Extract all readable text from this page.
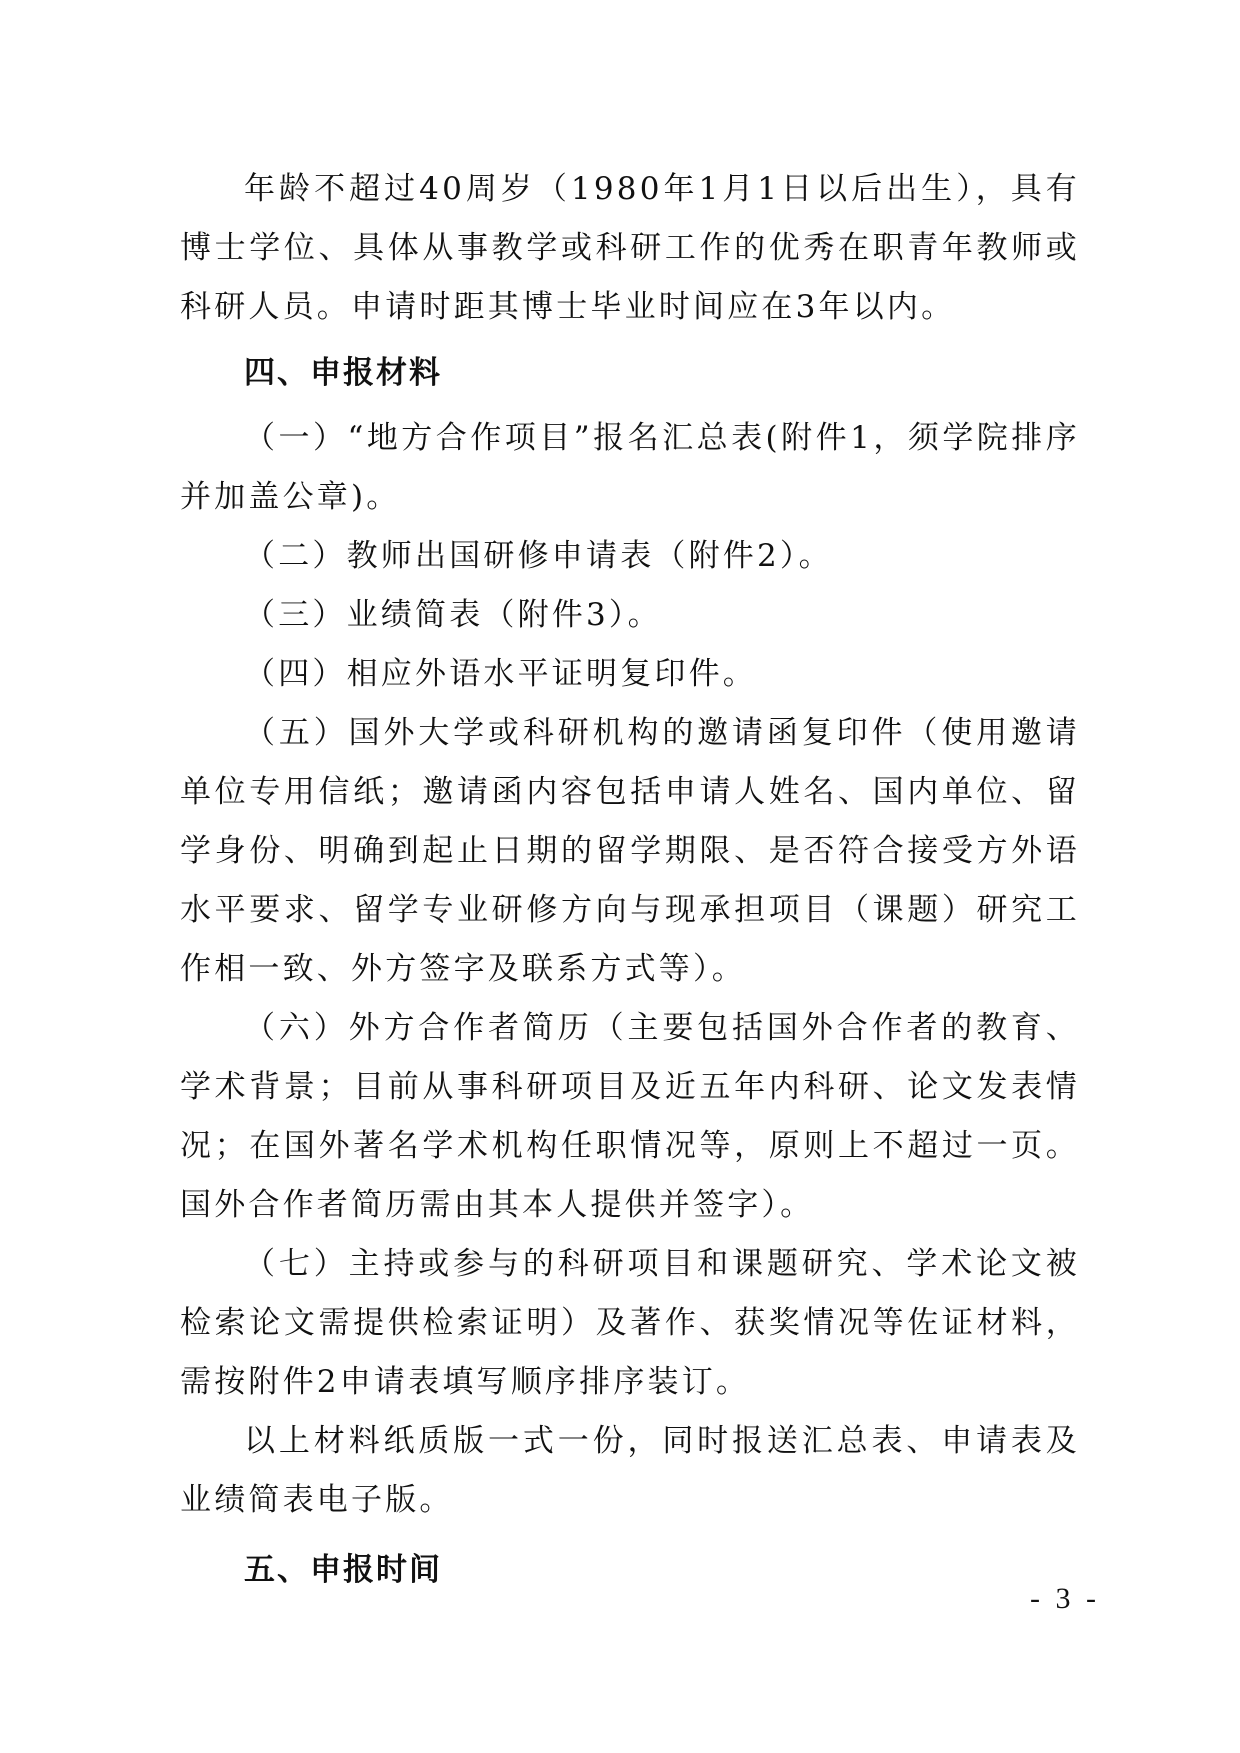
年龄不超过40周岁（1980年1月1日以后出生），具有博士学位、具体从事教学或科研工作的优秀在职青年教师或科研人员。申请时距其博士毕业时间应在3年以内。

四、申报材料

（一）“地方合作项目”报名汇总表(附件1，须学院排序并加盖公章)。

（二）教师出国研修申请表（附件2）。

（三）业绩简表（附件3）。

（四）相应外语水平证明复印件。

（五）国外大学或科研机构的邀请函复印件（使用邀请单位专用信纸；邀请函内容包括申请人姓名、国内单位、留学身份、明确到起止日期的留学期限、是否符合接受方外语水平要求、留学专业研修方向与现承担项目（课题）研究工作相一致、外方签字及联系方式等）。

（六）外方合作者简历（主要包括国外合作者的教育、学术背景；目前从事科研项目及近五年内科研、论文发表情况；在国外著名学术机构任职情况等，原则上不超过一页。国外合作者简历需由其本人提供并签字）。

（七）主持或参与的科研项目和课题研究、学术论文被检索论文需提供检索证明）及著作、获奖情况等佐证材料，需按附件2申请表填写顺序排序装订。

以上材料纸质版一式一份，同时报送汇总表、申请表及业绩简表电子版。

五、申报时间

- 3 -
